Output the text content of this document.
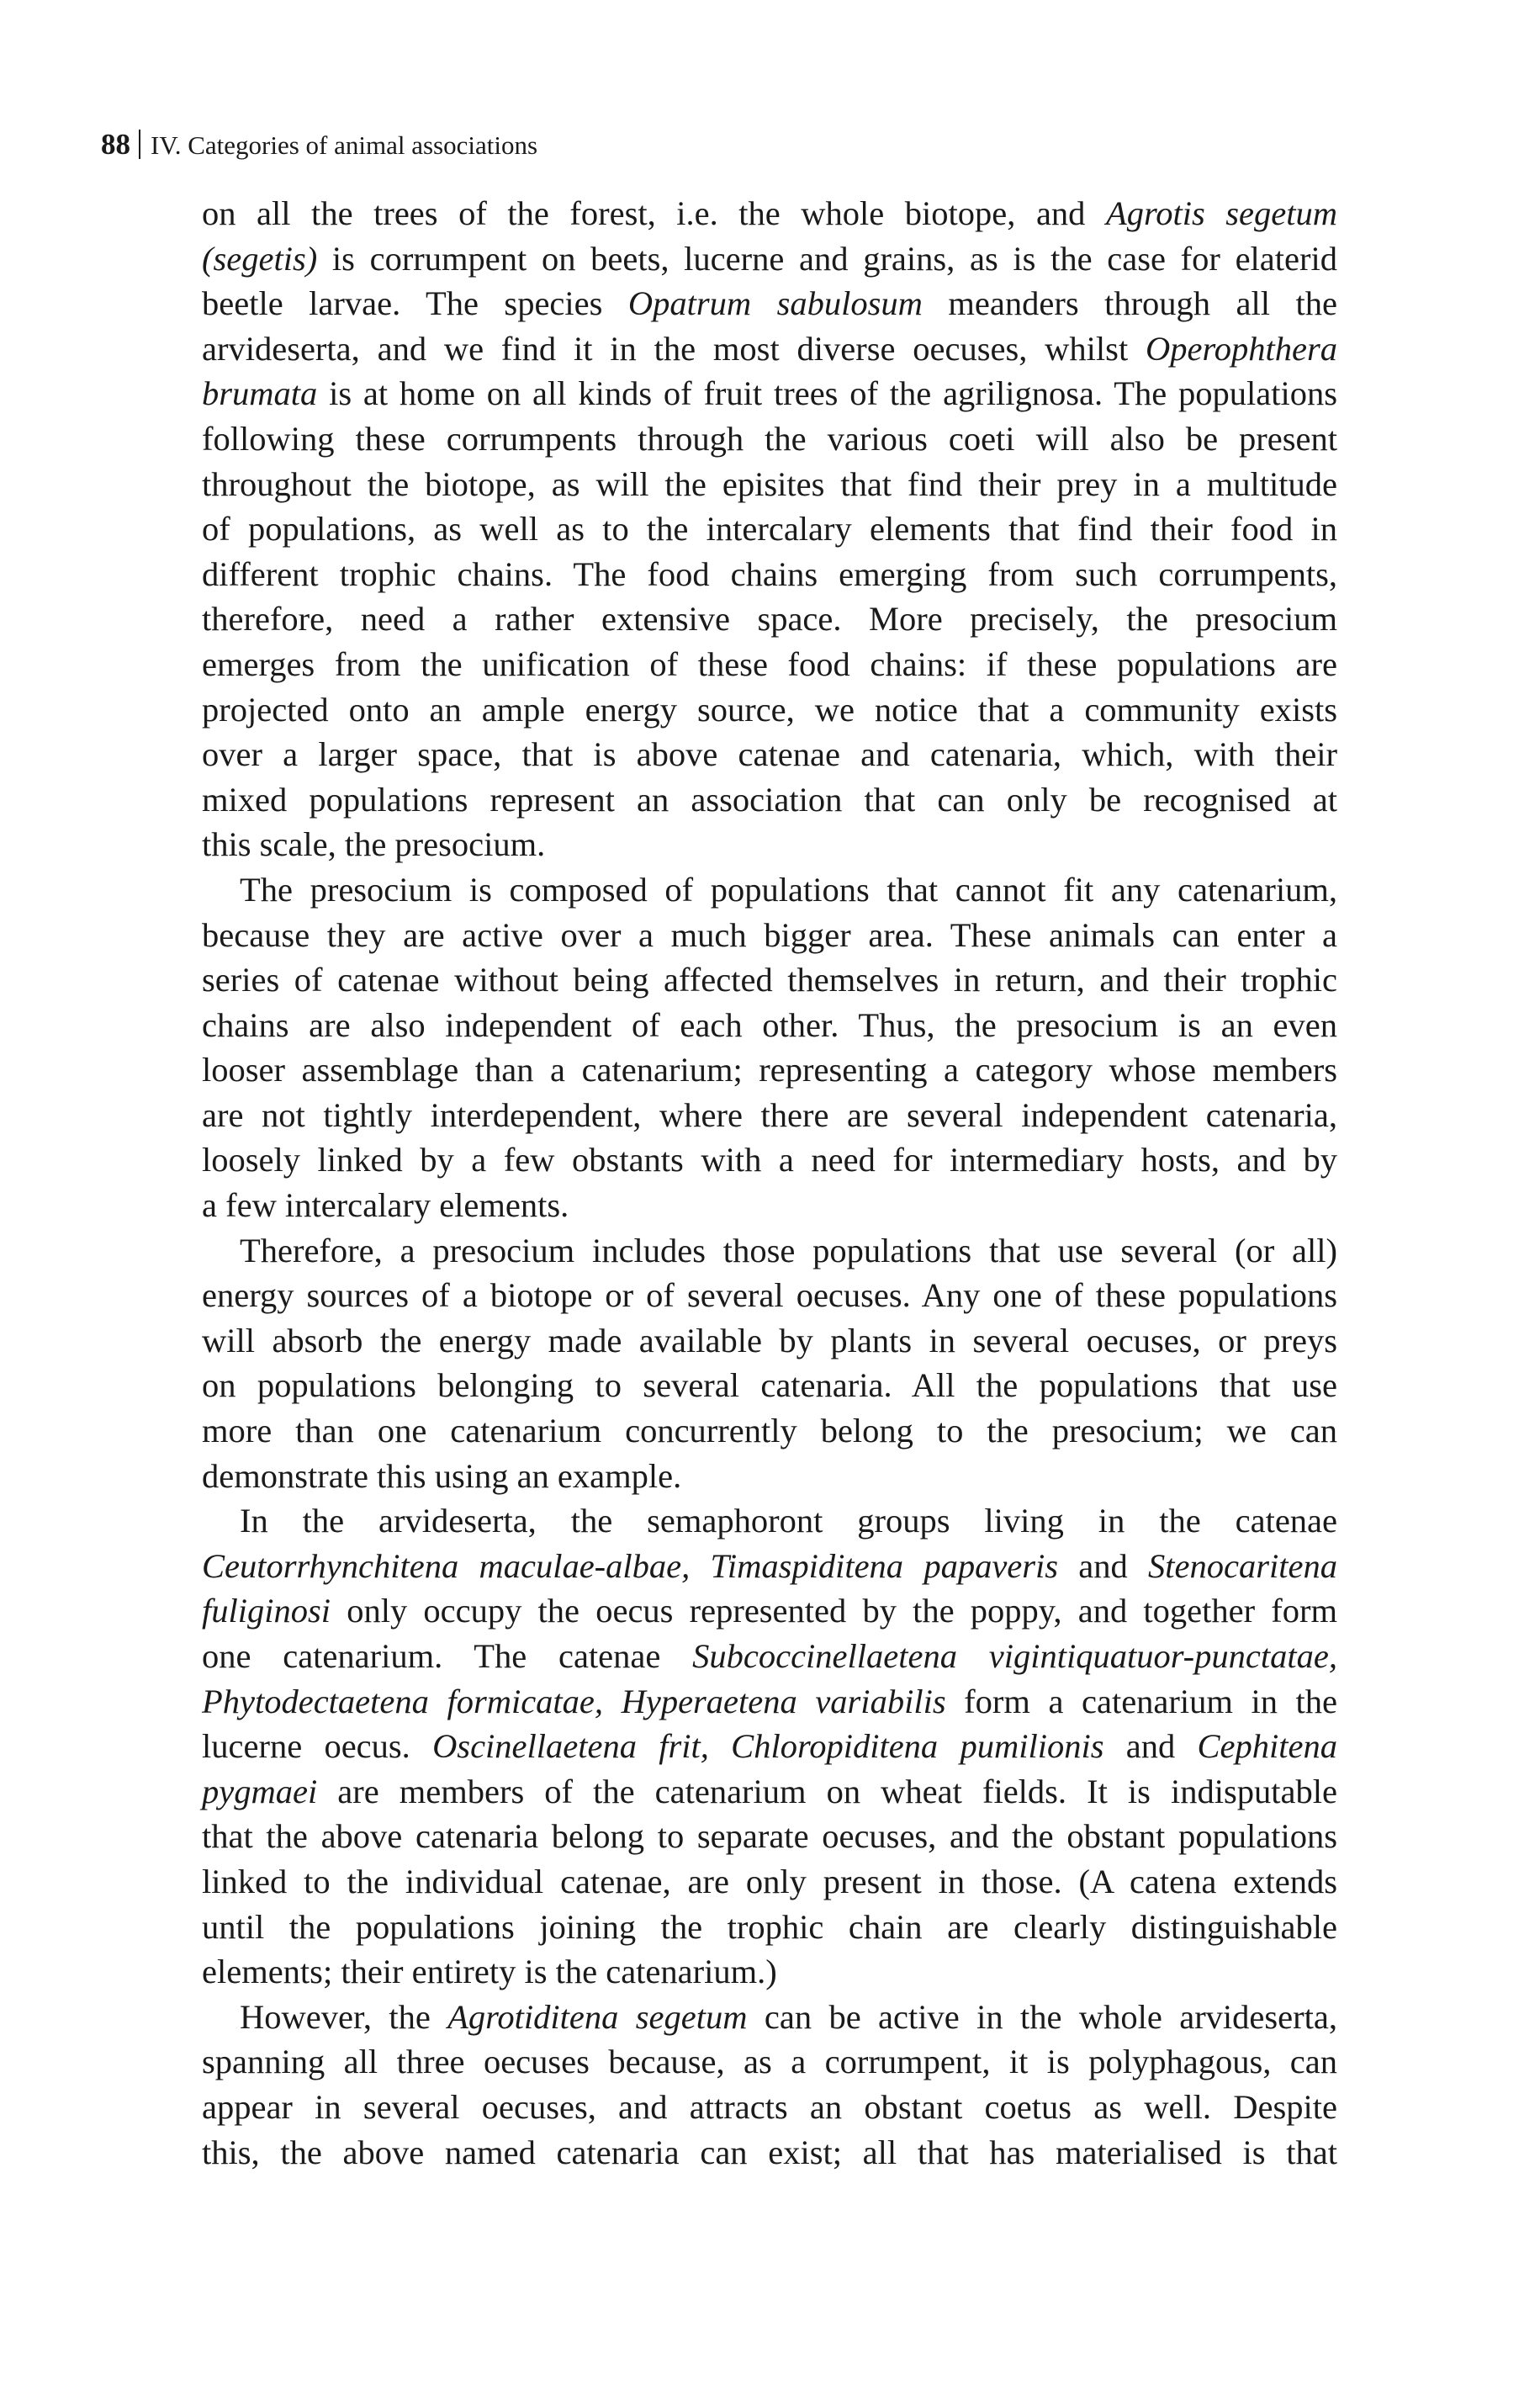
88 IV. Categories of animal associations
on all the trees of the forest, i.e. the whole biotope, and Agrotis segetum
(segetis) is corrumpent on beets, lucerne and grains, as is the case for elaterid
beetle larvae. The species Opatrum sabulosum meanders through all the
arvideserta, and we find it in the most diverse oecuses, whilst Operophthera
brumata is at home on all kinds of fruit trees of the agrilignosa. The populations
following these corrumpents through the various coeti will also be present
throughout the biotope, as will the episites that find their prey in a multitude
of populations, as well as to the intercalary elements that find their food in
different trophic chains. The food chains emerging from such corrumpents,
therefore, need a rather extensive space. More precisely, the presocium
emerges from the unification of these food chains: if these populations are
projected onto an ample energy source, we notice that a community exists
over a larger space, that is above catenae and catenaria, which, with their
mixed populations represent an association that can only be recognised at
this scale, the presocium.
The presocium is composed of populations that cannot fit any catenarium,
because they are active over a much bigger area. These animals can enter a
series of catenae without being affected themselves in return, and their trophic
chains are also independent of each other. Thus, the presocium is an even
looser assemblage than a catenarium; representing a category whose members
are not tightly interdependent, where there are several independent catenaria,
loosely linked by a few obstants with a need for intermediary hosts, and by
a few intercalary elements.
Therefore, a presocium includes those populations that use several (or all)
energy sources of a biotope or of several oecuses. Any one of these populations
will absorb the energy made available by plants in several oecuses, or preys
on populations belonging to several catenaria. All the populations that use
more than one catenarium concurrently belong to the presocium; we can
demonstrate this using an example.
In the arvideserta, the semaphoront groups living in the catenae
Ceutorrhynchitena maculae-albae, Timaspiditena papaveris and Stenocaritena
fuliginosi only occupy the oecus represented by the poppy, and together form
one catenarium. The catenae Subcoccinellaetena vigintiquatuor-punctatae,
Phytodectaetena formicatae, Hyperaetena variabilis form a catenarium in the
lucerne oecus. Oscinellaetena frit, Chloropiditena pumilionis and Cephitena
pygmaei are members of the catenarium on wheat fields. It is indisputable
that the above catenaria belong to separate oecuses, and the obstant populations
linked to the individual catenae, are only present in those. (A catena extends
until the populations joining the trophic chain are clearly distinguishable
elements; their entirety is the catenarium.)
However, the Agrotiditena segetum can be active in the whole arvideserta,
spanning all three oecuses because, as a corrumpent, it is polyphagous, can
appear in several oecuses, and attracts an obstant coetus as well. Despite
this, the above named catenaria can exist; all that has materialised is that
